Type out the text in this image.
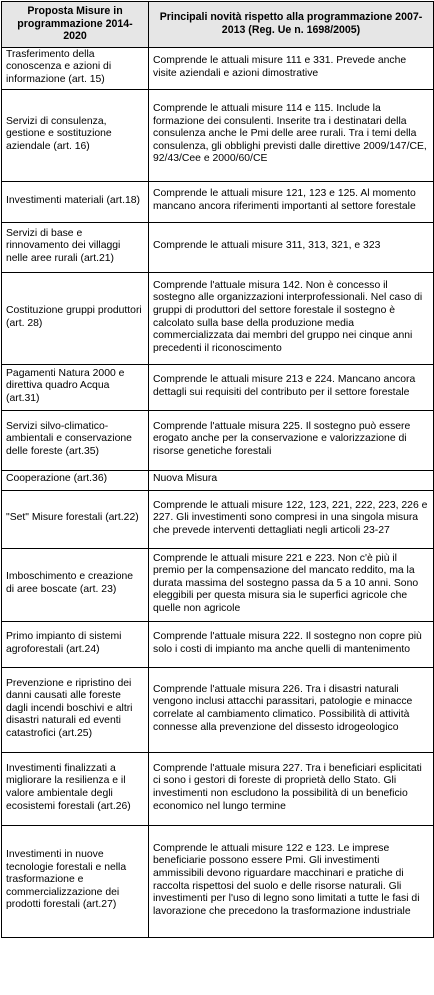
Proposta Misure in programmazione 2014-2020	Principali novità rispetto alla programmazione 2007-2013 (Reg. Ue n. 1698/2005)
Trasferimento della conoscenza e azioni di informazione (art. 15)	Comprende le attuali misure 111 e 331. Prevede anche visite aziendali e azioni dimostrative
Servizi di consulenza, gestione e sostituzione aziendale (art. 16)	Comprende le attuali misure 114 e 115. Include la formazione dei consulenti. Inserite tra i destinatari della consulenza anche le Pmi delle aree rurali. Tra i temi della consulenza, gli obblighi previsti dalle direttive 2009/147/CE, 92/43/Cee e 2000/60/CE
Investimenti materiali (art.18)	Comprende le attuali misure 121, 123 e 125. Al momento mancano ancora riferimenti importanti al settore forestale
Servizi di base e rinnovamento dei villaggi nelle aree rurali (art.21)	Comprende le attuali misure 311, 313, 321, e 323
Costituzione gruppi produttori (art. 28)	Comprende l'attuale misura 142. Non è concesso il sostegno alle organizzazioni interprofessionali. Nel caso di gruppi di produttori del settore forestale il sostegno è calcolato sulla base della produzione media commercializzata dai membri del gruppo nei cinque anni precedenti il riconoscimento
Pagamenti Natura 2000 e direttiva quadro Acqua (art.31)	Comprende le attuali misure 213 e 224. Mancano ancora dettagli sui requisiti del contributo per il settore forestale
Servizi silvo-climatico-ambientali e conservazione delle foreste (art.35)	Comprende l'attuale misura 225. Il sostegno può essere erogato anche per la conservazione e valorizzazione di risorse genetiche forestali
Cooperazione (art.36)	Nuova Misura
"Set" Misure forestali (art.22)	Comprende le attuali misure 122, 123, 221, 222, 223, 226 e 227. Gli investimenti sono compresi in una singola misura che prevede interventi dettagliati negli articoli 23-27
Imboschimento e creazione di aree boscate (art. 23)	Comprende le attuali misure 221 e 223. Non c'è più il premio per la compensazione del mancato reddito, ma la durata massima del sostegno passa da 5 a 10 anni. Sono eleggibili per questa misura sia le superfici agricole che quelle non agricole
Primo impianto di sistemi agroforestali (art.24)	Comprende l'attuale misura 222. Il sostegno non copre più solo i costi di impianto ma anche quelli di mantenimento
Prevenzione e ripristino dei danni causati alle foreste dagli incendi boschivi e altri disastri naturali ed eventi catastrofici (art.25)	Comprende l'attuale misura 226. Tra i disastri naturali vengono inclusi attacchi parassitari, patologie e minacce correlate al cambiamento climatico. Possibilità di attività connesse alla prevenzione del dissesto idrogeologico
Investimenti finalizzati a migliorare la resilienza e il valore ambientale degli ecosistemi forestali (art.26)	Comprende l'attuale misura 227. Tra i beneficiari esplicitati ci sono i gestori di foreste di proprietà dello Stato. Gli investimenti non escludono la possibilità di un beneficio economico nel lungo termine
Investimenti in nuove tecnologie forestali e nella trasformazione e commercializzazione dei prodotti forestali (art.27)	Comprende le attuali misure 122 e 123. Le imprese beneficiarie possono essere Pmi. Gli investimenti ammissibili devono riguardare macchinari e pratiche di raccolta rispettosi del suolo e delle risorse naturali. Gli investimenti per l'uso di legno sono limitati a tutte le fasi di lavorazione che precedono la trasformazione industriale
